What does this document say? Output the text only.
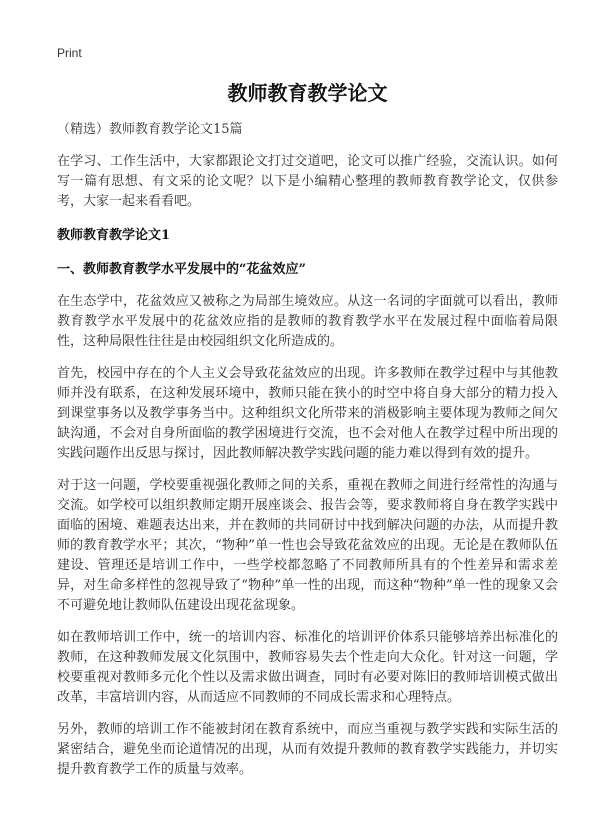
Print
教师教育教学论文
（精选）教师教育教学论文15篇
在学习、工作生活中，大家都跟论文打过交道吧，论文可以推广经验，交流认识。如何写一篇有思想、有文采的论文呢？以下是小编精心整理的教师教育教学论文，仅供参考，大家一起来看看吧。
教师教育教学论文1
一、教师教育教学水平发展中的“花盆效应”
在生态学中，花盆效应又被称之为局部生境效应。从这一名词的字面就可以看出，教师教育教学水平发展中的花盆效应指的是教师的教育教学水平在发展过程中面临着局限性，这种局限性往往是由校园组织文化所造成的。
首先，校园中存在的个人主义会导致花盆效应的出现。许多教师在教学过程中与其他教师并没有联系，在这种发展环境中，教师只能在狭小的时空中将自身大部分的精力投入到课堂事务以及教学事务当中。这种组织文化所带来的消极影响主要体现为教师之间欠缺沟通，不会对自身所面临的教学困境进行交流，也不会对他人在教学过程中所出现的实践问题作出反思与探讨，因此教师解决教学实践问题的能力难以得到有效的提升。
对于这一问题，学校要重视强化教师之间的关系，重视在教师之间进行经常性的沟通与交流。如学校可以组织教师定期开展座谈会、报告会等，要求教师将自身在教学实践中面临的困境、难题表达出来，并在教师的共同研讨中找到解决问题的办法，从而提升教师的教育教学水平；其次，“物种”单一性也会导致花盆效应的出现。无论是在教师队伍建设、管理还是培训工作中，一些学校都忽略了不同教师所具有的个性差异和需求差异，对生命多样性的忽视导致了“物种”单一性的出现，而这种“物种”单一性的现象又会不可避免地让教师队伍建设出现花盆现象。
如在教师培训工作中，统一的培训内容、标准化的培训评价体系只能够培养出标准化的教师，在这种教师发展文化氛围中，教师容易失去个性走向大众化。针对这一问题，学校要重视对教师多元化个性以及需求做出调查，同时有必要对陈旧的教师培训模式做出改革，丰富培训内容，从而适应不同教师的不同成长需求和心理特点。
另外，教师的培训工作不能被封闭在教育系统中，而应当重视与教学实践和实际生活的紧密结合，避免坐而论道情况的出现，从而有效提升教师的教育教学实践能力，并切实提升教育教学工作的质量与效率。
